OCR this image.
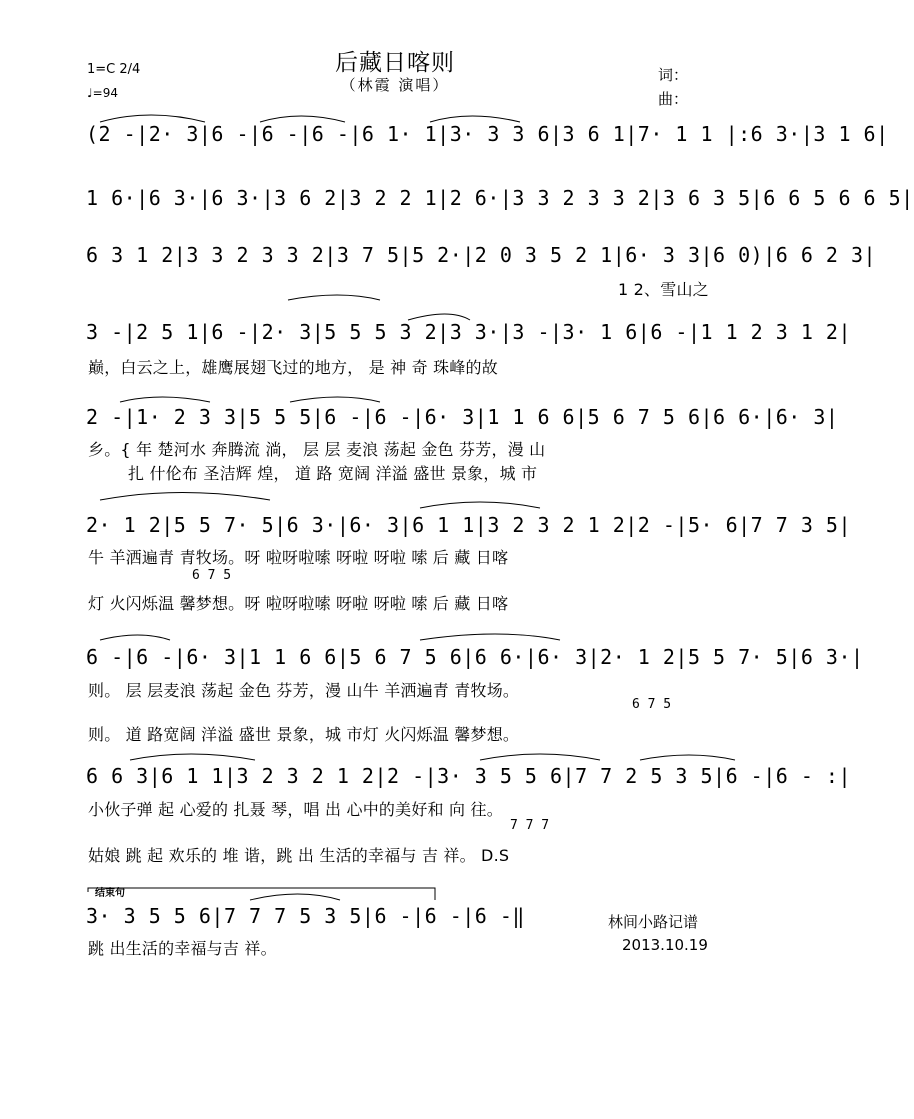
后藏日喀则
（林霞 演唱）
1=C 2/4
♩=94
词：
曲：
(2 -|2· 3|6 -|6 -|6 -|6 1· 1|3· 3 3 6|3 6 1|7· 1 1 |:6 3·|3 1 6|
1 6·|6 3·|6 3·|3 6 2|3 2 2 1|2 6·|3 3 2 3 3 2|3 6 3 5|6 6 5 6 6 5|
6 3 1 2|3 3 2 3 3 2|3 7 5|5 2·|2 0 3 5 2 1|6· 3 3|6 0)|6 6 2 3|
1 2、雪山之
3 -|2 5 1|6 -|2· 3|5 5 5 3 2|3 3·|3 -|3· 1 6|6 -|1 1 2 3 1 2|
巅，白云之上，雄鹰展翅飞过的地方， 是 神 奇 珠峰的故
2 -|1· 2 3 3|5 5 5|6 -|6 -|6· 3|1 1 6 6|5 6 7 5 6|6 6·|6· 3|
乡。{ 年 楚河水 奔腾流 淌， 层 层 麦浪 荡起 金色 芬芳，漫 山
扎 什伦布 圣洁辉 煌， 道 路 宽阔 洋溢 盛世 景象，城 市
2· 1 2|5 5 7· 5|6 3·|6· 3|6 1 1|3 2 3 2 1 2|2 -|5· 6|7 7 3 5|
牛 羊洒遍青 青牧场。呀 啦呀啦嗦 呀啦 呀啦 嗦 后 藏 日喀
6 7 5
灯 火闪烁温 馨梦想。呀 啦呀啦嗦 呀啦 呀啦 嗦 后 藏 日喀
6 -|6 -|6· 3|1 1 6 6|5 6 7 5 6|6 6·|6· 3|2· 1 2|5 5 7· 5|6 3·|
则。 层 层麦浪 荡起 金色 芬芳，漫 山牛 羊洒遍青 青牧场。
6 7 5
则。 道 路宽阔 洋溢 盛世 景象，城 市灯 火闪烁温 馨梦想。
6 6 3|6 1 1|3 2 3 2 1 2|2 -|3· 3 5 5 6|7 7 2 5 3 5|6 -|6 - :|
小伙子弹 起 心爱的 扎聂 琴，唱 出 心中的美好和 向 往。
7 7 7
姑娘 跳 起 欢乐的 堆 谐，跳 出 生活的幸福与 吉 祥。 D.S
结束句
3· 3 5 5 6|7 7 7 5 3 5|6 -|6 -|6 -‖
跳 出生活的幸福与吉 祥。
林间小路记谱
2013.10.19
